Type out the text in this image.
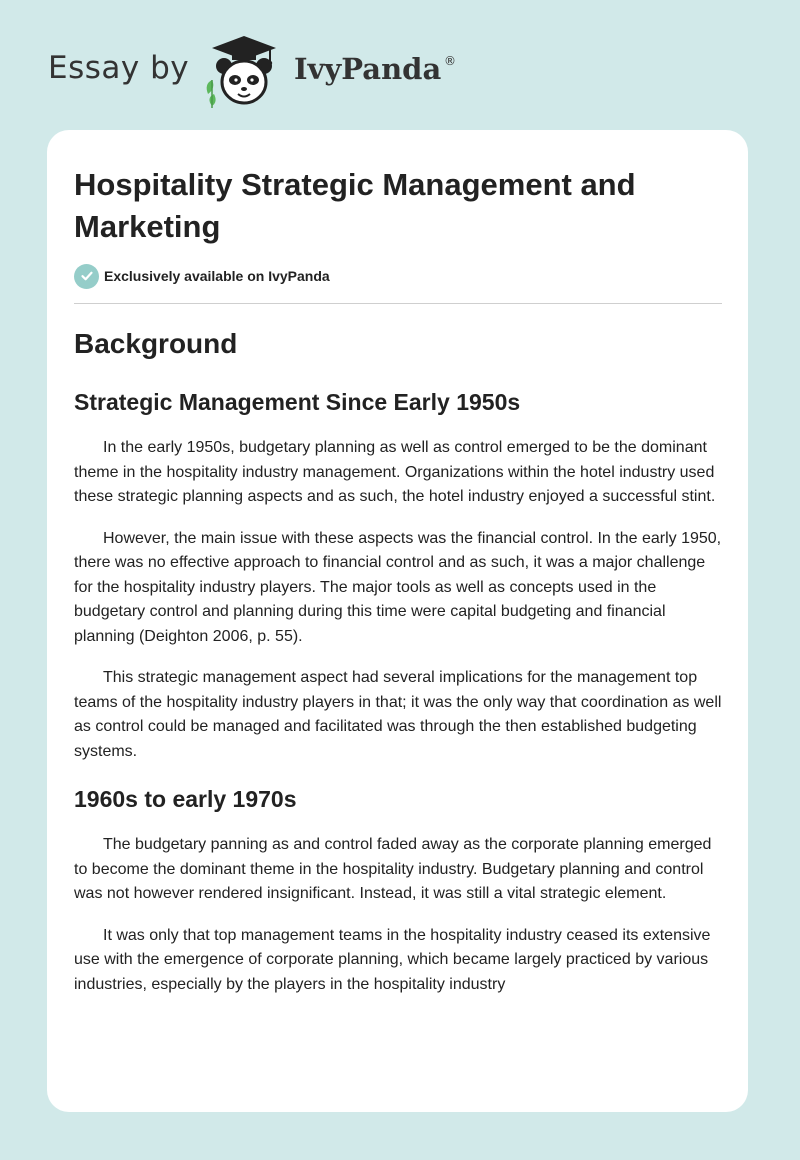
Essay by	IvyPanda ®
Hospitality Strategic Management and Marketing
Exclusively available on IvyPanda
Background
Strategic Management Since Early 1950s

In the early 1950s, budgetary planning as well as control emerged to be the dominant theme in the hospitality industry management. Organizations within the hotel industry used these strategic planning aspects and as such, the hotel industry enjoyed a successful stint.

However, the main issue with these aspects was the financial control. In the early 1950, there was no effective approach to financial control and as such, it was a major challenge for the hospitality industry players. The major tools as well as concepts used in the budgetary control and planning during this time were capital budgeting and financial planning (Deighton 2006, p. 55).

This strategic management aspect had several implications for the management top teams of the hospitality industry players in that; it was the only way that coordination as well as control could be managed and facilitated was through the then established budgeting systems.

1960s to early 1970s

The budgetary panning as and control faded away as the corporate planning emerged to become the dominant theme in the hospitality industry. Budgetary planning and control was not however rendered insignificant. Instead, it was still a vital strategic element.

It was only that top management teams in the hospitality industry ceased its extensive use with the emergence of corporate planning, which became largely practiced by various industries, especially by the players in the hospitality industry
